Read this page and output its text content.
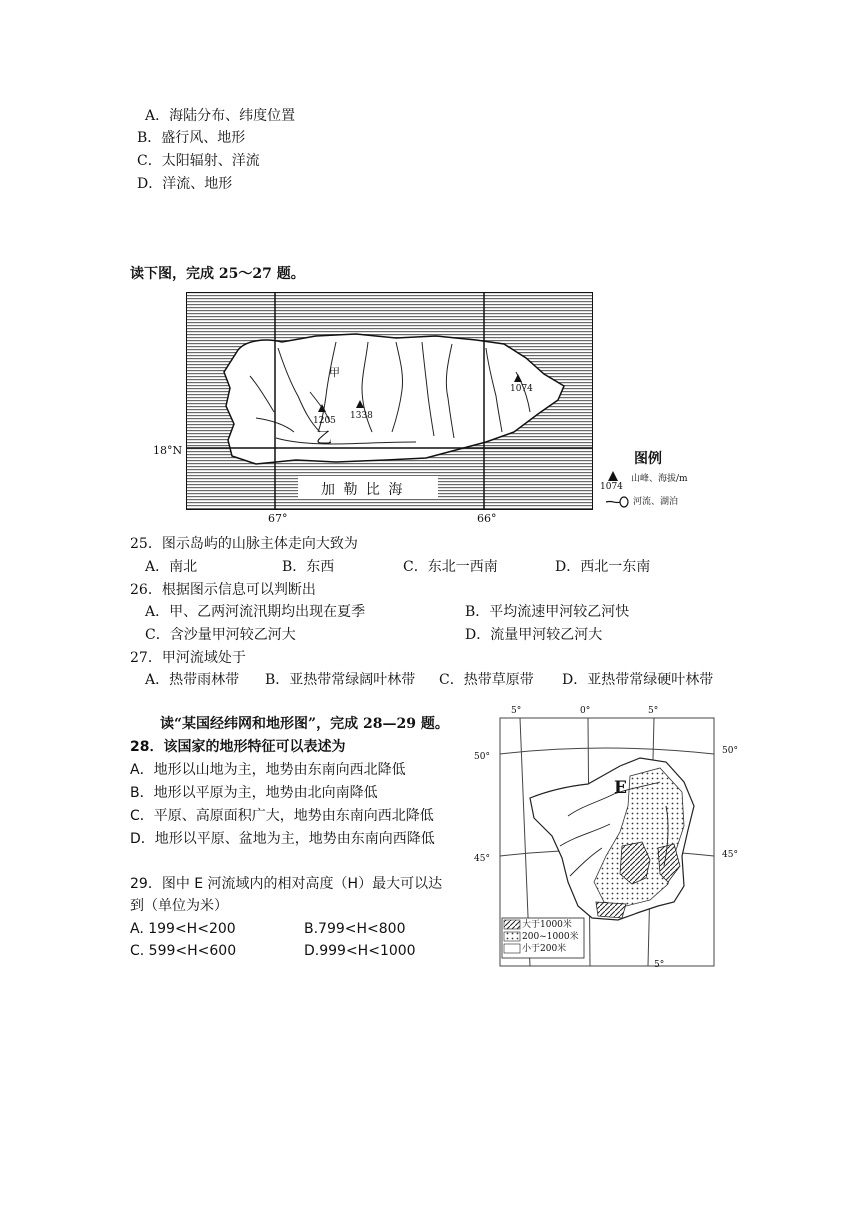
A．海陆分布、纬度位置
B．盛行风、地形
C．太阳辐射、洋流
D．洋流、地形
读下图，完成 25～27 题。
甲
乙
1205 1338
1074
加 勒 比 海
18°N
67°	66°
图例
1074
山峰、海拔/m
河流、湖泊
25．图示岛屿的山脉主体走向大致为
A．南北	B．东西	C．东北一西南	D．西北一东南
26．根据图示信息可以判断出
A．甲、乙两河流汛期均出现在夏季	B．平均流速甲河较乙河快
C．含沙量甲河较乙河大	D．流量甲河较乙河大
27．甲河流域处于
A．热带雨林带 B．亚热带常绿阔叶林带 C．热带草原带 D．亚热带常绿硬叶林带
读“某国经纬网和地形图”，完成 28—29 题。
28．该国家的地形特征可以表述为
A．地形以山地为主，地势由东南向西北降低
B．地形以平原为主，地势由北向南降低
C．平原、高原面积广大，地势由东南向西北降低
D．地形以平原、盆地为主，地势由东南向西降低
29．图中 E 河流域内的相对高度（H）最大可以达
到（单位为米）
A. 199<H<200	B.799<H<800
C. 599<H<600	D.999<H<1000
5°	0°	5°
50°
50°
45°	45°
5°
E
大于1000米
200~1000米
小于200米
